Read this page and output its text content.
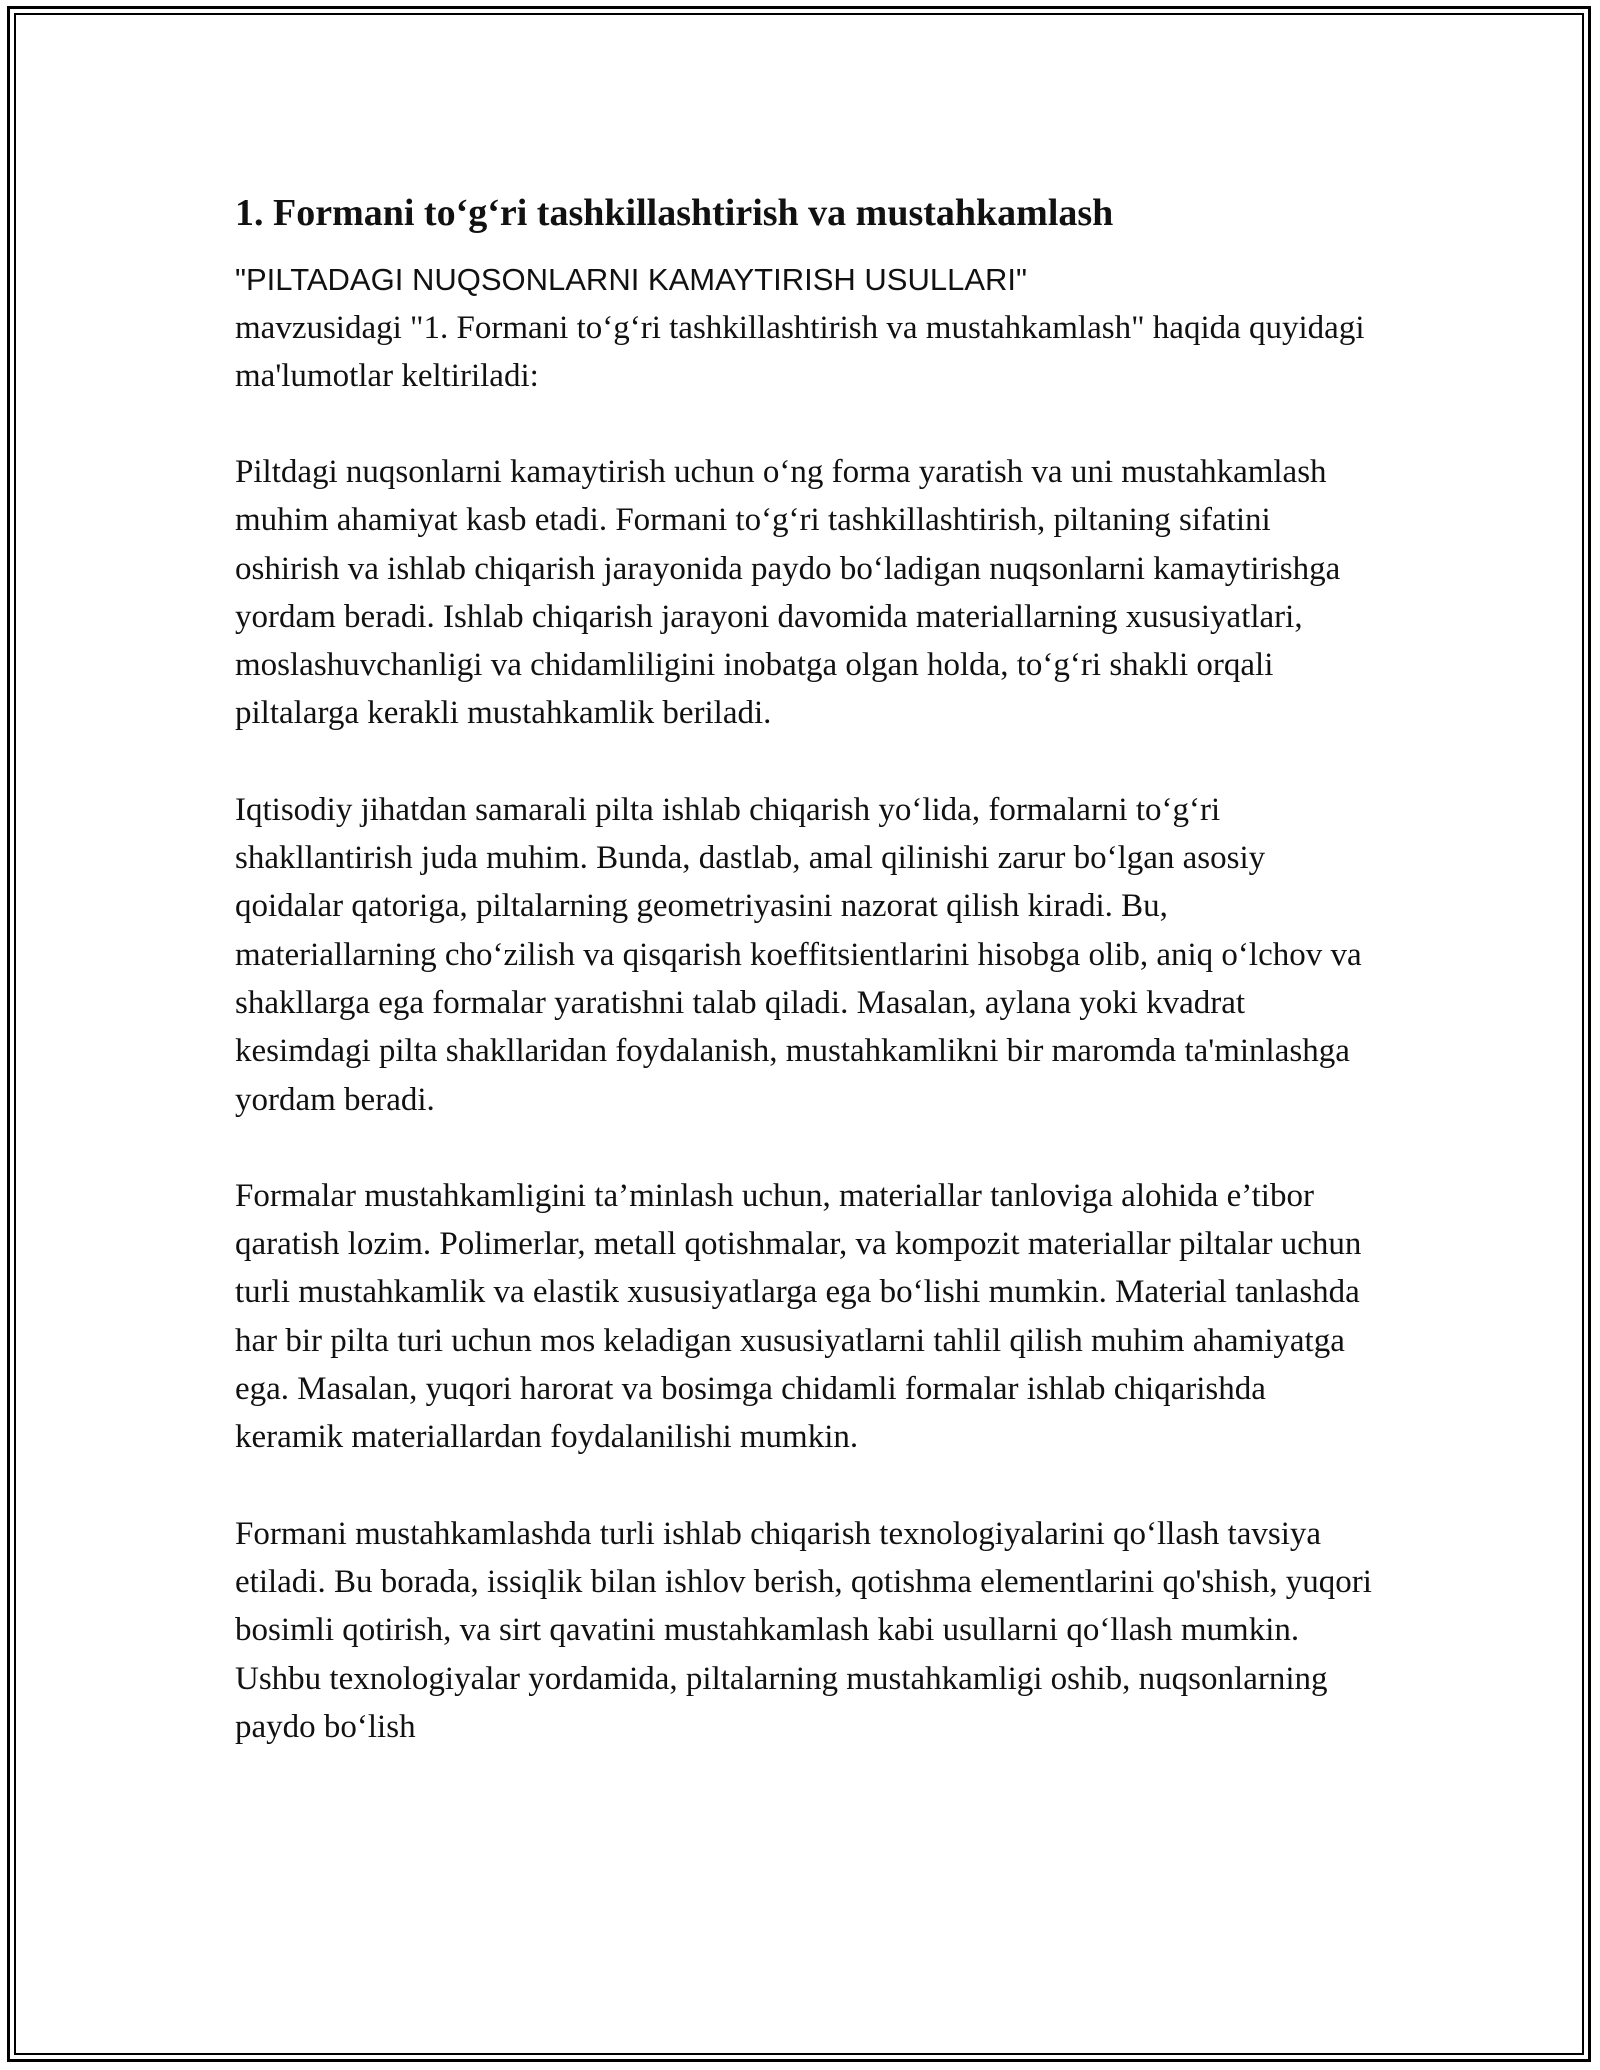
1. Formani to‘g‘ri tashkillashtirish va mustahkamlash

"PILTADAGI NUQSONLARNI KAMAYTIRISH USULLARI"
mavzusidagi "1. Formani to‘g‘ri tashkillashtirish va mustahkamlash" haqida quyidagi ma'lumotlar keltiriladi:

Piltdagi nuqsonlarni kamaytirish uchun o‘ng forma yaratish va uni mustahkamlash muhim ahamiyat kasb etadi. Formani to‘g‘ri tashkillashtirish, piltaning sifatini oshirish va ishlab chiqarish jarayonida paydo bo‘ladigan nuqsonlarni kamaytirishga yordam beradi. Ishlab chiqarish jarayoni davomida materiallarning xususiyatlari, moslashuvchanligi va chidamliligini inobatga olgan holda, to‘g‘ri shakli orqali piltalarga kerakli mustahkamlik beriladi.

Iqtisodiy jihatdan samarali pilta ishlab chiqarish yo‘lida, formalarni to‘g‘ri shakllantirish juda muhim. Bunda, dastlab, amal qilinishi zarur bo‘lgan asosiy qoidalar qatoriga, piltalarning geometriyasini nazorat qilish kiradi. Bu, materiallarning cho‘zilish va qisqarish koeffitsientlarini hisobga olib, aniq o‘lchov va shakllarga ega formalar yaratishni talab qiladi. Masalan, aylana yoki kvadrat kesimdagi pilta shakllaridan foydalanish, mustahkamlikni bir maromda ta'minlashga yordam beradi.

Formalar mustahkamligini ta’minlash uchun, materiallar tanloviga alohida e’tibor qaratish lozim. Polimerlar, metall qotishmalar, va kompozit materiallar piltalar uchun turli mustahkamlik va elastik xususiyatlarga ega bo‘lishi mumkin. Material tanlashda har bir pilta turi uchun mos keladigan xususiyatlarni tahlil qilish muhim ahamiyatga ega. Masalan, yuqori harorat va bosimga chidamli formalar ishlab chiqarishda keramik materiallardan foydalanilishi mumkin.

Formani mustahkamlashda turli ishlab chiqarish texnologiyalarini qo‘llash tavsiya etiladi. Bu borada, issiqlik bilan ishlov berish, qotishma elementlarini qo'shish, yuqori bosimli qotirish, va sirt qavatini mustahkamlash kabi usullarni qo‘llash mumkin. Ushbu texnologiyalar yordamida, piltalarning mustahkamligi oshib, nuqsonlarning paydo bo‘lish
